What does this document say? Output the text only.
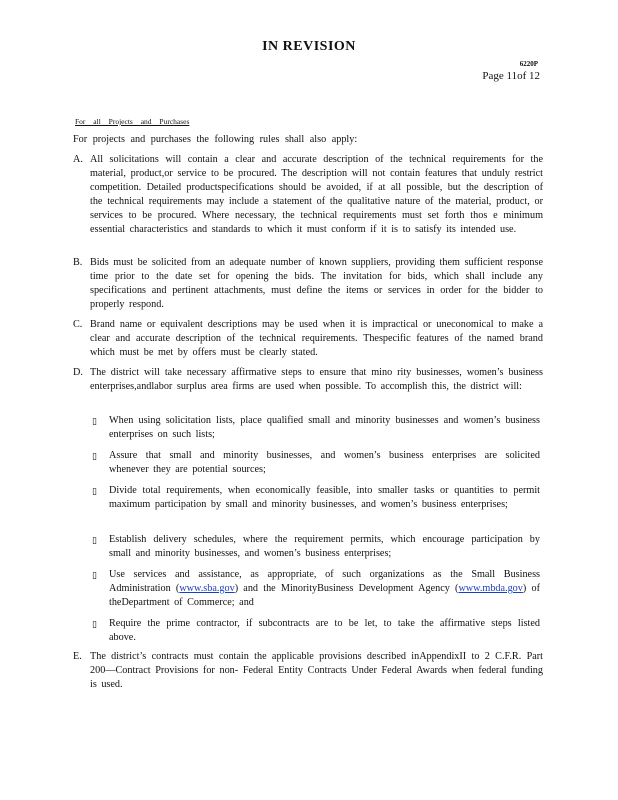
IN REVISION
6220P
Page 11of 12
For all Projects and Purchases
For projects and purchases the following rules shall also apply:
A. All solicitations will contain a clear and accurate description of the technical requirements for the material, product,or service to be procured. The description will not contain features that unduly restrict competition. Detailed productspecifications should be avoided, if at all possible, but the description of the technical requirements may include a statement of the qualitative nature of the material, product, or services to be procured. Where necessary, the technical requirements must set forth thos e minimum essential characteristics and standards to which it must conform if it is to satisfy its intended use.
B. Bids must be solicited from an adequate number of known suppliers, providing them sufficient response time prior to the date set for opening the bids. The invitation for bids, which shall include any specifications and pertinent attachments, must define the items or services in order for the bidder to properly respond.
C. Brand name or equivalent descriptions may be used when it is impractical or uneconomical to make a clear and accurate description of the technical requirements. Thespecific features of the named brand which must be met by offers must be clearly stated.
D. The district will take necessary affirmative steps to ensure that mino rity businesses, women’s business enterprises,andlabor surplus area firms are used when possible. To accomplish this, the district will:
▯ When using solicitation lists, place qualified small and minority businesses and women’s business enterprises on such lists;
▯ Assure that small and minority businesses, and women’s business enterprises are solicited whenever they are potential sources;
▯ Divide total requirements, when economically feasible, into smaller tasks or quantities to permit maximum participation by small and minority businesses, and women’s business enterprises;
▯ Establish delivery schedules, where the requirement permits, which encourage participation by small and minority businesses, and women’s business enterprises;
▯ Use services and assistance, as appropriate, of such organizations as the Small Business Administration (www.sba.gov) and the MinorityBusiness Development Agency (www.mbda.gov) of theDepartment of Commerce; and
▯ Require the prime contractor, if subcontracts are to be let, to take the affirmative steps listed above.
E. The district’s contracts must contain the applicable provisions described inAppendixII to 2 C.F.R. Part 200—Contract Provisions for non- Federal Entity Contracts Under Federal Awards when federal funding is used.
